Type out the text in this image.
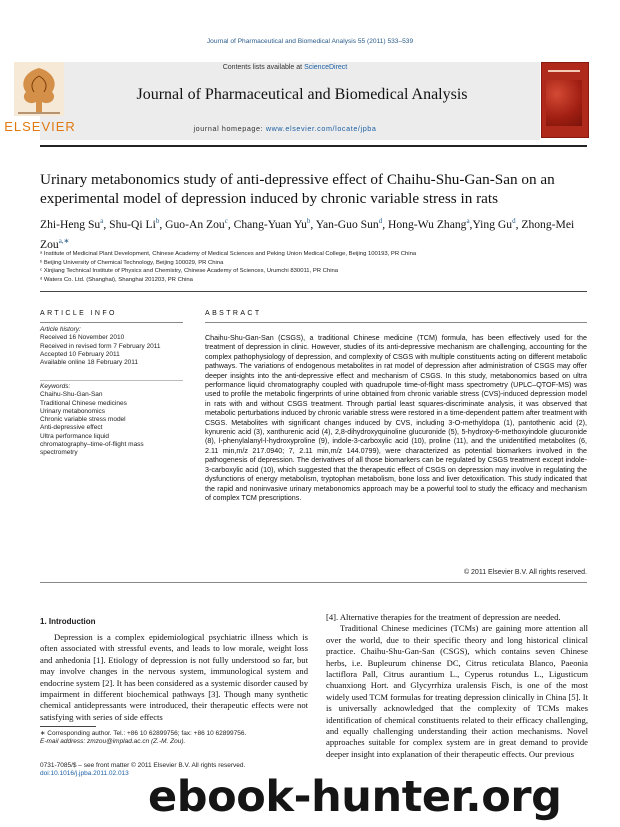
Journal of Pharmaceutical and Biomedical Analysis 55 (2011) 533–539
ELSEVIER
Contents lists available at ScienceDirect
Journal of Pharmaceutical and Biomedical Analysis
journal homepage: www.elsevier.com/locate/jpba
Urinary metabonomics study of anti-depressive effect of Chaihu-Shu-Gan-San on an experimental model of depression induced by chronic variable stress in rats
Zhi-Heng Su$^a$, Shu-Qi Li$^b$, Guo-An Zou$^c$, Chang-Yuan Yu$^b$, Yan-Guo Sun$^d$, Hong-Wu Zhang$^a$,Ying Gu$^d$, Zhong-Mei Zou$^{a,∗}$
ᵃ Institute of Medicinal Plant Development, Chinese Academy of Medical Sciences and Peking Union Medical College, Beijing 100193, PR China
ᵇ Beijing University of Chemical Technology, Beijing 100029, PR China
ᶜ Xinjiang Technical Institute of Physics and Chemistry, Chinese Academy of Sciences, Urumchi 830011, PR China
ᵈ Waters Co. Ltd. (Shanghai), Shanghai 201203, PR China
ARTICLE INFO
Article history:
Received 16 November 2010
Received in revised form 7 February 2011
Accepted 10 February 2011
Available online 18 February 2011
Keywords:
Chaihu-Shu-Gan-San
Traditional Chinese medicines
Urinary metabonomics
Chronic variable stress model
Anti-depressive effect
Ultra performance liquid
chromatography–time-of-flight mass
spectrometry
ABSTRACT
Chaihu-Shu-Gan-San (CSGS), a traditional Chinese medicine (TCM) formula, has been effectively used for the treatment of depression in clinic. However, studies of its anti-depressive mechanism are challenging, accounting for the complex pathophysiology of depression, and complexity of CSGS with multiple constituents acting on different metabolic pathways. The variations of endogenous metabolites in rat model of depression after administration of CSGS may offer deeper insights into the anti-depressive effect and mechanism of CSGS. In this study, metabonomics based on ultra performance liquid chromatography coupled with quadrupole time-of-flight mass spectrometry (UPLC–QTOF-MS) was used to profile the metabolic fingerprints of urine obtained from chronic variable stress (CVS)-induced depression model in rats with and without CSGS treatment. Through partial least squares-discriminate analysis, it was observed that metabolic perturbations induced by chronic variable stress were restored in a time-dependent pattern after treatment with CSGS. Metabolites with significant changes induced by CVS, including 3-O-methyldopa (1), pantothenic acid (2), kynurenic acid (3), xanthurenic acid (4), 2,8-dihydroxyquinoline glucuronide (5), 5-hydroxy-6-methoxyindole glucuronide (8), l-phenylalanyl-l-hydroxyproline (9), indole-3-carboxylic acid (10), proline (11), and the unidentified metabolites (6, 2.11 min,m/z 217.0940; 7, 2.11 min,m/z 144.0799), were characterized as potential biomarkers involved in the pathogenesis of depression. The derivatives of all those biomarkers can be regulated by CSGS treatment except indole-3-carboxylic acid (10), which suggested that the therapeutic effect of CSGS on depression may involve in regulating the dysfunctions of energy metabolism, tryptophan metabolism, bone loss and liver detoxification. This study indicated that the rapid and noninvasive urinary metabonomics approach may be a powerful tool to study the efficacy and mechanism of complex TCM prescriptions.
© 2011 Elsevier B.V. All rights reserved.
1. Introduction
Depression is a complex epidemiological psychiatric illness which is often associated with stressful events, and leads to low morale, weight loss and anhedonia [1]. Etiology of depression is not fully understood so far, but may involve changes in the nervous system, immunological system and endocrine system [2]. It has been considered as a systemic disorder caused by impairment in different biochemical pathways [3]. Though many synthetic chemical antidepressants were introduced, their therapeutic effects were not satisfying with series of side effects

[4]. Alternative therapies for the treatment of depression are needed.

Traditional Chinese medicines (TCMs) are gaining more attention all over the world, due to their specific theory and long historical clinical practice. Chaihu-Shu-Gan-San (CSGS), which contains seven Chinese herbs, i.e. Bupleurum chinense DC, Citrus reticulata Blanco, Paeonia lactiflora Pall, Citrus aurantium L., Cyperus rotundus L., Ligusticum chuanxiong Hort. and Glycyrrhiza uralensis Fisch, is one of the most widely used TCM formulas for treating depression clinically in China [5]. It is universally acknowledged that the complexity of TCMs makes identification of chemical constituents related to their efficacy challenging, and equally challenging understanding their action mechanisms. Novel approaches suitable for complex system are in great demand to provide deeper insight into explanation of their therapeutic effects. Our previous

∗ Corresponding author. Tel.: +86 10 62899756; fax: +86 10 62899756.
E-mail address: zmzou@implad.ac.cn (Z.-M. Zou).
0731-7085/$ – see front matter © 2011 Elsevier B.V. All rights reserved.
doi:10.1016/j.jpba.2011.02.013 ebook-hunter.org
